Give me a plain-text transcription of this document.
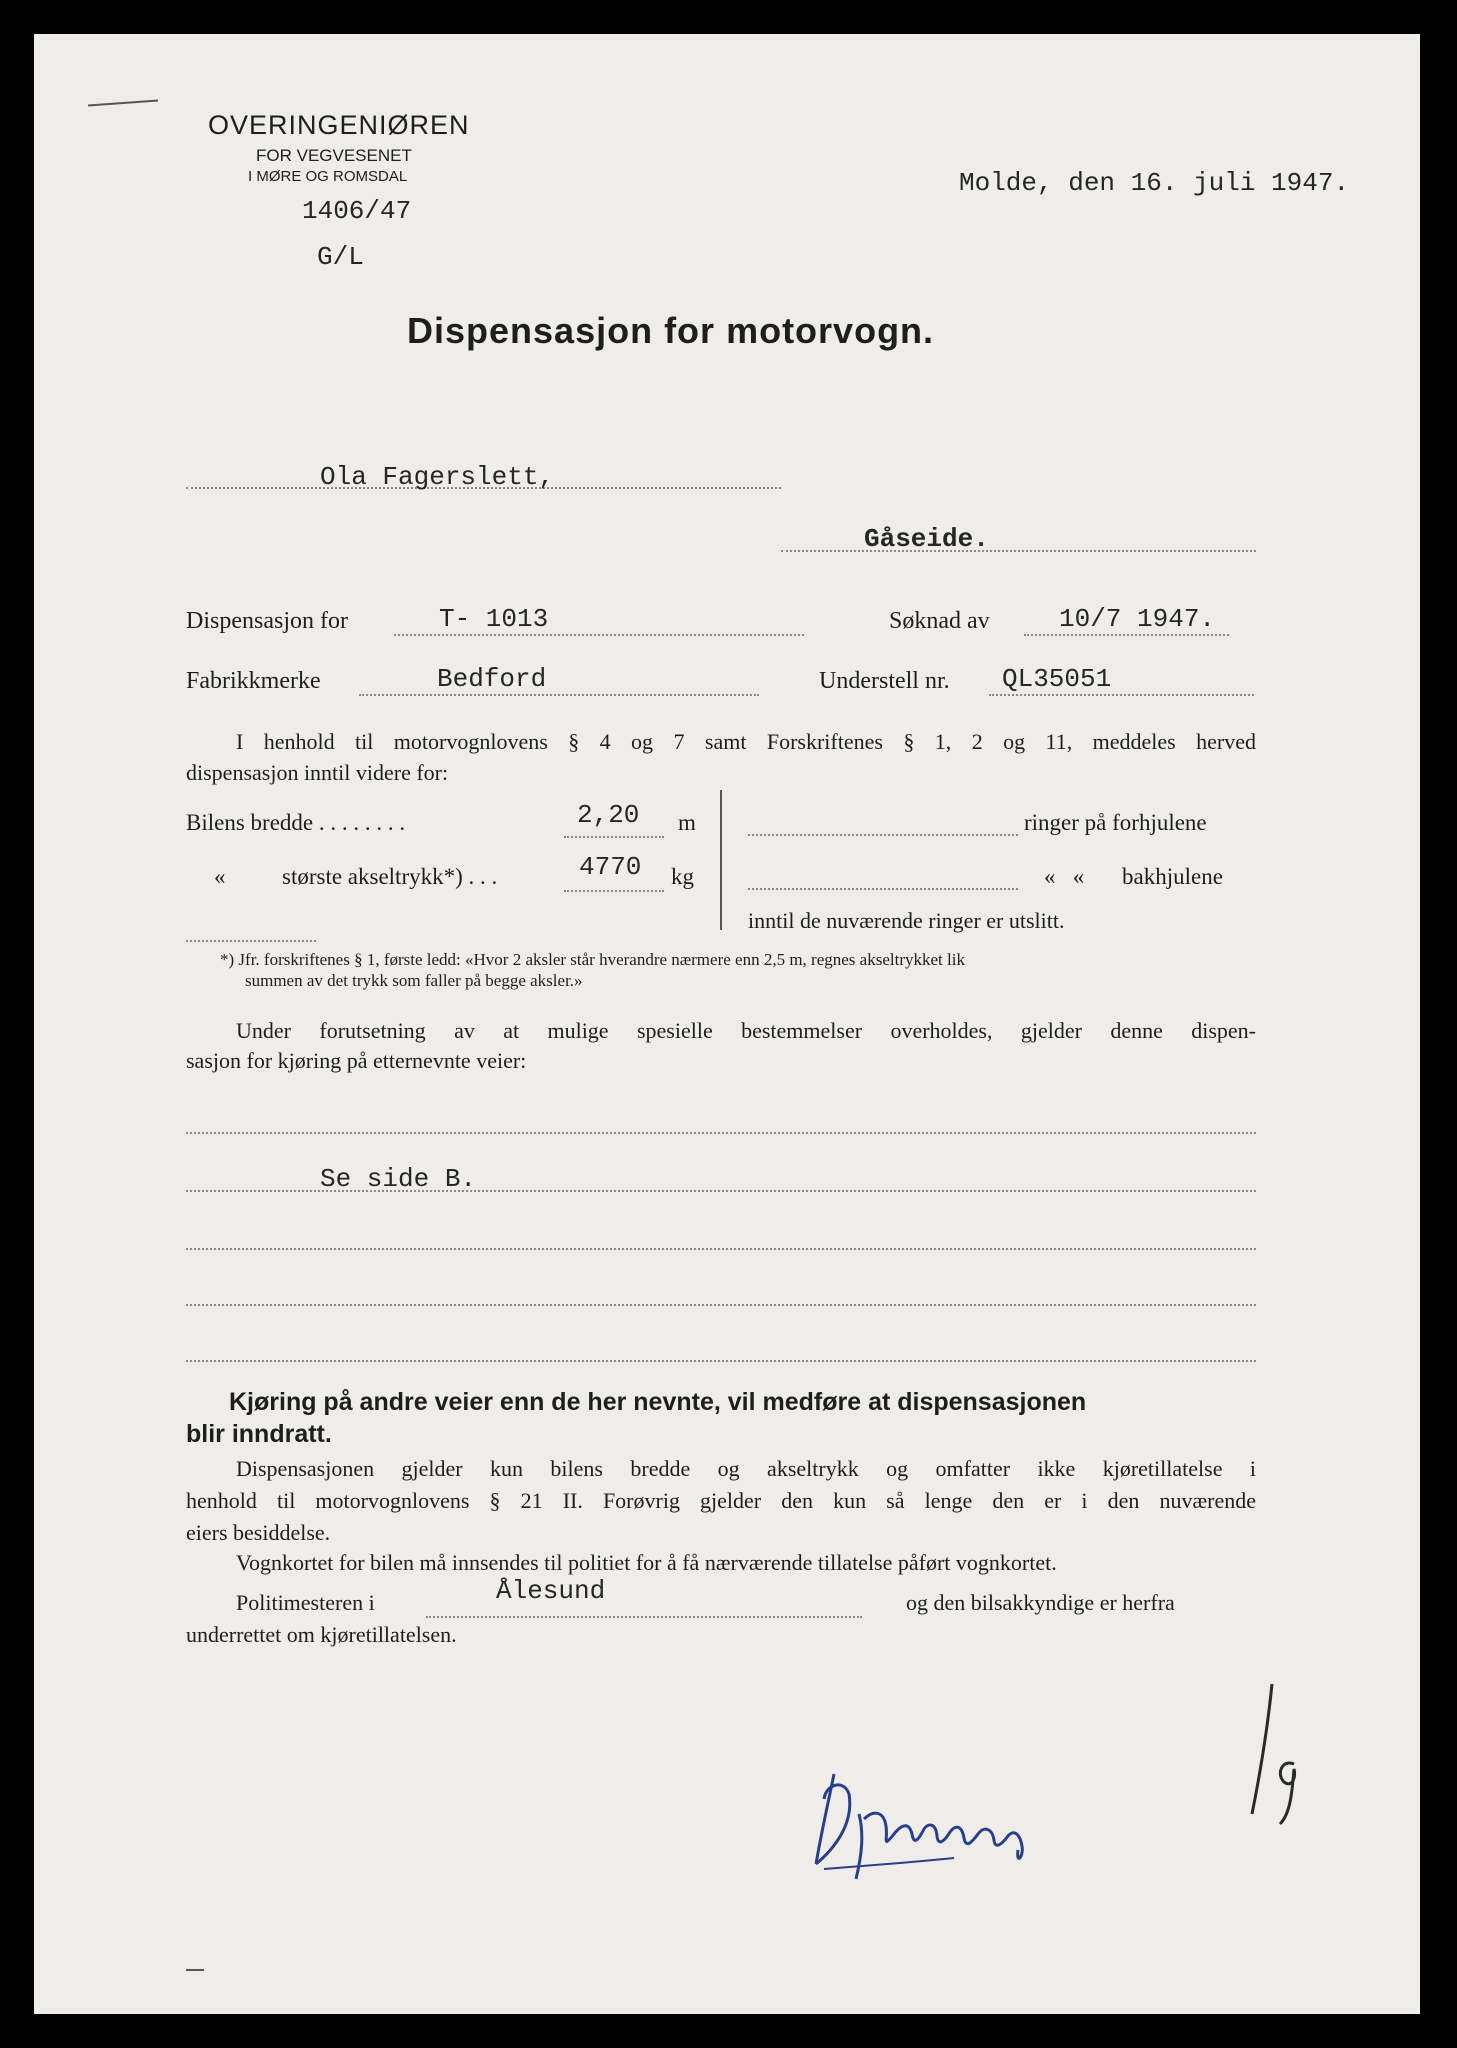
OVERINGENIØREN
FOR VEGVESENET
I MØRE OG ROMSDAL
1406/47
G/L
Molde, den 16. juli 1947.
Dispensasjon for motorvogn.
Ola Fagerslett,
Gåseide.
Dispensasjon for	T- 1013	Søknad av	10/7 1947.
Fabrikkmerke	Bedford	Understell nr. QL35051
I henhold til motorvognlovens § 4 og 7 samt Forskriftenes § 1, 2 og 11, meddeles herved
dispensasjon inntil videre for:
Bilens bredde . . . . . . . .	2,20 m
« største akseltrykk*) . . .	4770 kg
ringer på forhjulene
«   « bakhjulene
inntil de nuværende ringer er utslitt.
*) Jfr. forskriftenes § 1, første ledd: «Hvor 2 aksler står hverandre nærmere enn 2,5 m, regnes akseltrykket lik
summen av det trykk som faller på begge aksler.»
Under forutsetning av at mulige spesielle bestemmelser overholdes, gjelder denne dispen-
sasjon for kjøring på etternevnte veier:
Se side B.
Kjøring på andre veier enn de her nevnte, vil medføre at dispensasjonen
blir inndratt.
Dispensasjonen gjelder kun bilens bredde og akseltrykk og omfatter ikke kjøretillatelse i
henhold til motorvognlovens § 21 II. Forøvrig gjelder den kun så lenge den er i den nuværende
eiers besiddelse.
Vognkortet for bilen må innsendes til politiet for å få nærværende tillatelse påført vognkortet.
Politimesteren i	Ålesund	og den bilsakkyndige er herfra
underrettet om kjøretillatelsen.
